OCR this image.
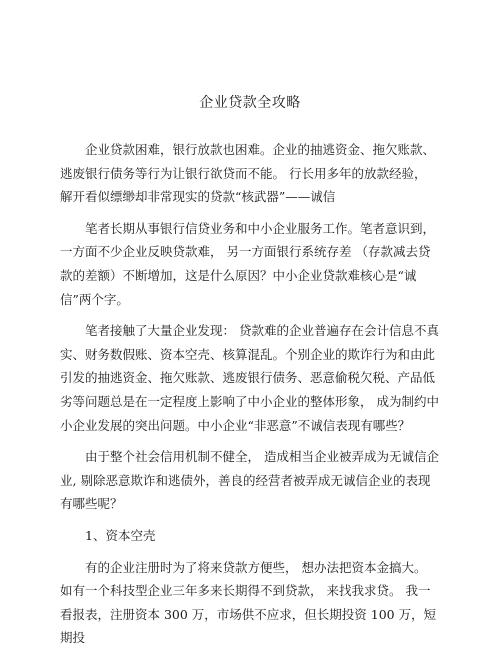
企业贷款全攻略

企业贷款困难，银行放款也困难。企业的抽逃资金、拖欠账款、逃废银行债务等行为让银行欲贷而不能。 行长用多年的放款经验， 解开看似缥缈却非常现实的贷款“核武器”——诚信

笔者长期从事银行信贷业务和中小企业服务工作。笔者意识到，一方面不少企业反映贷款难， 另一方面银行系统存差 （存款减去贷款的差额）不断增加，这是什么原因？中小企业贷款难核心是“诚信”两个字。

笔者接触了大量企业发现： 贷款难的企业普遍存在会计信息不真实、财务数假账、资本空壳、核算混乱。个别企业的欺诈行为和由此引发的抽逃资金、拖欠账款、逃废银行债务、恶意偷税欠税、产品低劣等问题总是在一定程度上影响了中小企业的整体形象， 成为制约中小企业发展的突出问题。中小企业“非恶意”不诚信表现有哪些？

由于整个社会信用机制不健全， 造成相当企业被弄成为无诚信企业, 剔除恶意欺诈和逃债外，善良的经营者被弄成无诚信企业的表现 有哪些呢？

1、资本空壳

有的企业注册时为了将来贷款方便些， 想办法把资本金搞大。 如有一个科技型企业三年多来长期得不到贷款， 来找我求贷。 我一看报表，注册资本 300 万，市场供不应求，但长期投资 100 万，短期投
